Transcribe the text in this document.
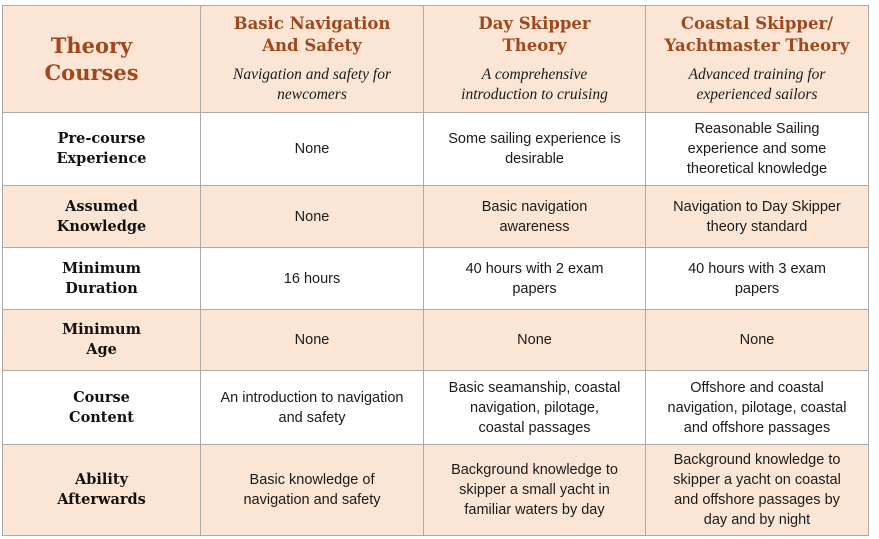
Theory
Courses	Basic Navigation
And Safety
Navigation and safety for
newcomers	Day Skipper
Theory
A comprehensive
introduction to cruising	Coastal Skipper/
Yachtmaster Theory
Advanced training for
experienced sailors

Pre-course
Experience	None	Some sailing experience is
desirable	Reasonable Sailing
experience and some
theoretical knowledge

Assumed
Knowledge	None	Basic navigation
awareness	Navigation to Day Skipper
theory standard

Minimum
Duration	16 hours	40 hours with 2 exam
papers	40 hours with 3 exam
papers

Minimum
Age	None	None	None

Course
Content	An introduction to navigation
and safety	Basic seamanship, coastal
navigation, pilotage,
coastal passages	Offshore and coastal
navigation, pilotage, coastal
and offshore passages

Ability
Afterwards	Basic knowledge of
navigation and safety	Background knowledge to
skipper a small yacht in
familiar waters by day	Background knowledge to
skipper a yacht on coastal
and offshore passages by
day and by night
